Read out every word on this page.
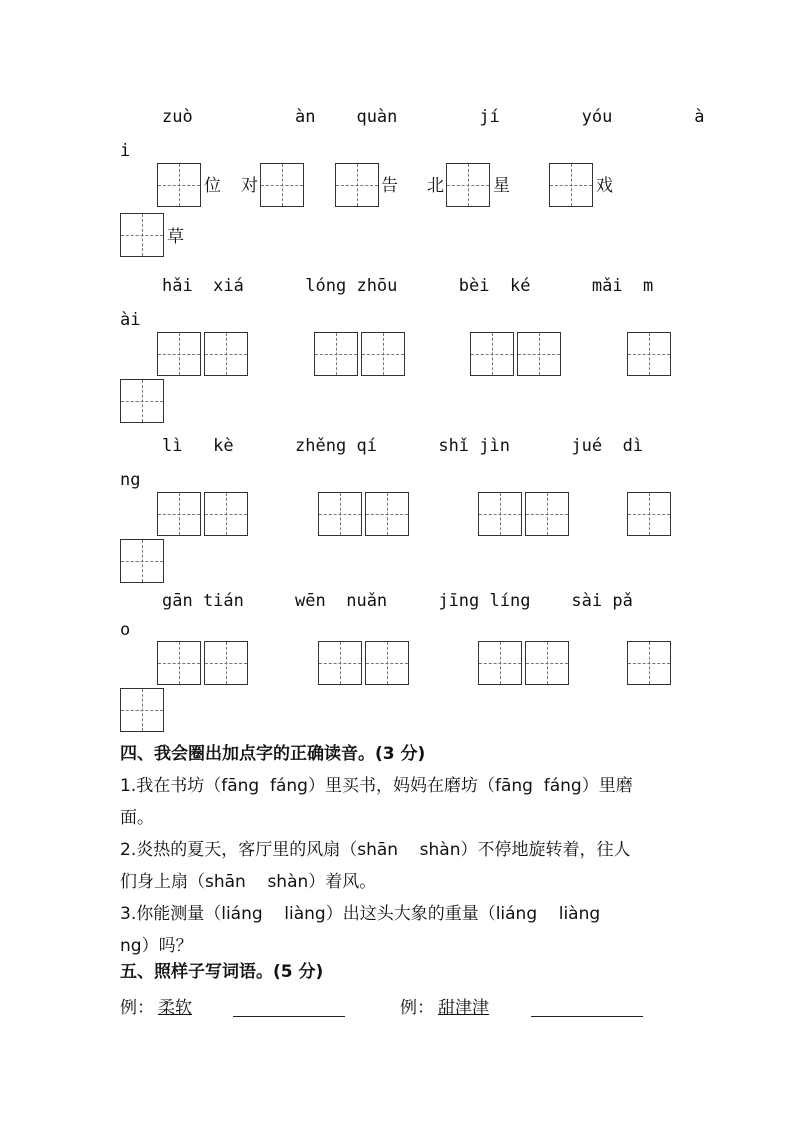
zuò          àn    quàn        jí        yóu        à
i
位 对	告 北	星	戏
草
hǎi  xiá      lóng zhōu      bèi  ké      mǎi  m
ài
lì   kè      zhěng qí      shǐ jìn      jué  dì
ng
gān tián     wēn  nuǎn     jīng líng    sài pǎ
o
四、我会圈出加点字的正确读音。(3 分)
1.我在书坊（fāng  fáng）里买书，妈妈在磨坊（fāng  fáng）里磨
面。
2.炎热的夏天，客厅里的风扇（shān    shàn）不停地旋转着，往人
们身上扇（shān    shàn）着风。
3.你能测量（liáng    liàng）出这头大象的重量（liáng    liàng
ng）吗？
五、照样子写词语。(5 分)
例： 柔软	例： 甜津津
